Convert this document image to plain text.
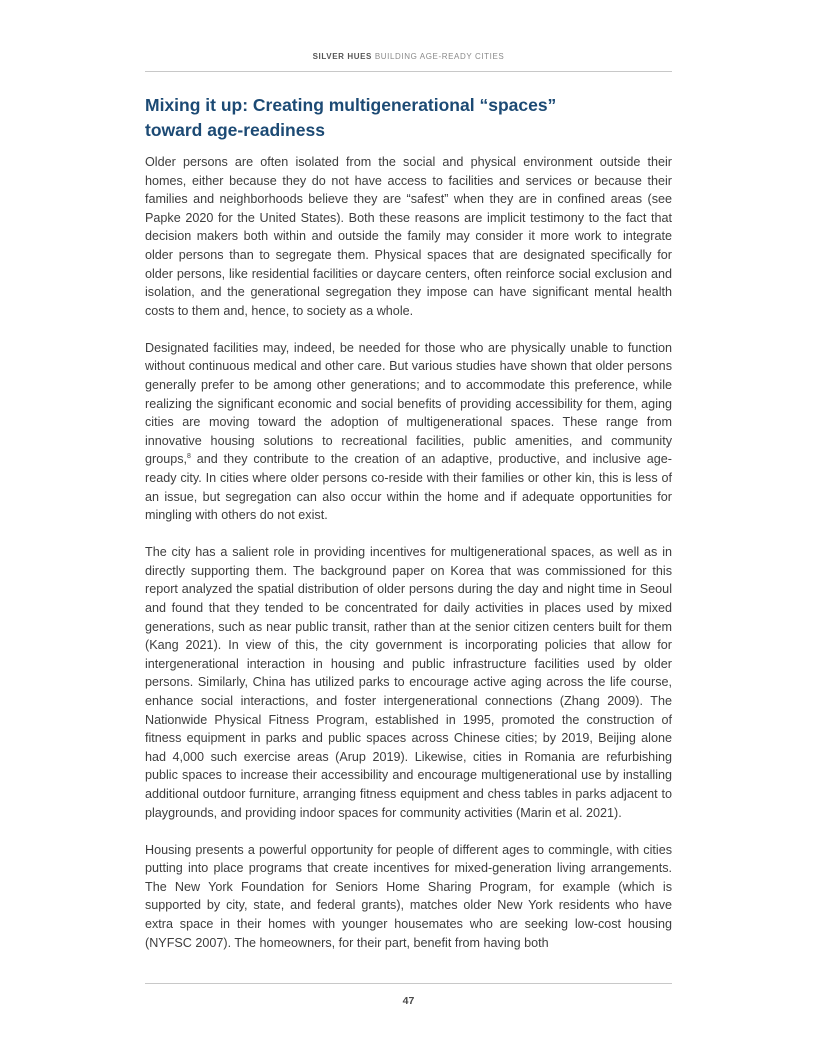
SILVER HUES BUILDING AGE-READY CITIES
Mixing it up: Creating multigenerational “spaces”
toward age-readiness

Older persons are often isolated from the social and physical environment outside their homes, either because they do not have access to facilities and services or because their families and neighborhoods believe they are “safest” when they are in confined areas (see Papke 2020 for the United States). Both these reasons are implicit testimony to the fact that decision makers both within and outside the family may consider it more work to integrate older persons than to segregate them. Physical spaces that are designated specifically for older persons, like residential facilities or daycare centers, often reinforce social exclusion and isolation, and the generational segregation they impose can have significant mental health costs to them and, hence, to society as a whole.

Designated facilities may, indeed, be needed for those who are physically unable to function without continuous medical and other care. But various studies have shown that older persons generally prefer to be among other generations; and to accommodate this preference, while realizing the significant economic and social benefits of providing accessibility for them, aging cities are moving toward the adoption of multigenerational spaces. These range from innovative housing solutions to recreational facilities, public amenities, and community groups,$^8$ and they contribute to the creation of an adaptive, productive, and inclusive age-ready city. In cities where older persons co-reside with their families or other kin, this is less of an issue, but segregation can also occur within the home and if adequate opportunities for mingling with others do not exist.

The city has a salient role in providing incentives for multigenerational spaces, as well as in directly supporting them. The background paper on Korea that was commissioned for this report analyzed the spatial distribution of older persons during the day and night time in Seoul and found that they tended to be concentrated for daily activities in places used by mixed generations, such as near public transit, rather than at the senior citizen centers built for them (Kang 2021). In view of this, the city government is incorporating policies that allow for intergenerational interaction in housing and public infrastructure facilities used by older persons. Similarly, China has utilized parks to encourage active aging across the life course, enhance social interactions, and foster intergenerational connections (Zhang 2009). The Nationwide Physical Fitness Program, established in 1995, promoted the construction of fitness equipment in parks and public spaces across Chinese cities; by 2019, Beijing alone had 4,000 such exercise areas (Arup 2019). Likewise, cities in Romania are refurbishing public spaces to increase their accessibility and encourage multigenerational use by installing additional outdoor furniture, arranging fitness equipment and chess tables in parks adjacent to playgrounds, and providing indoor spaces for community activities (Marin et al. 2021).

Housing presents a powerful opportunity for people of different ages to commingle, with cities putting into place programs that create incentives for mixed-generation living arrangements. The New York Foundation for Seniors Home Sharing Program, for example (which is supported by city, state, and federal grants), matches older New York residents who have extra space in their homes with younger housemates who are seeking low-cost housing (NYFSC 2007). The homeowners, for their part, benefit from having both

47
